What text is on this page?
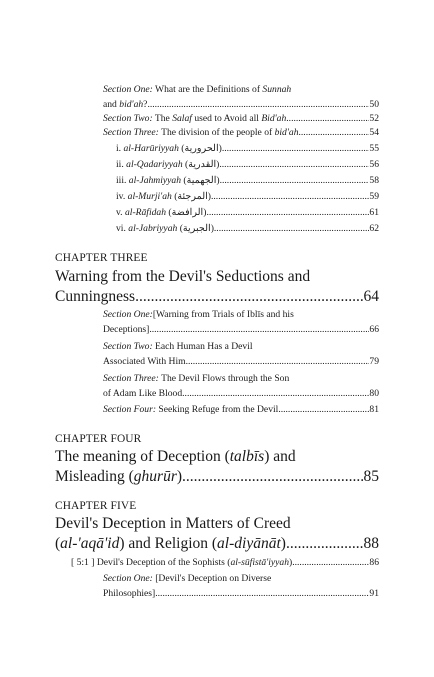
Section One: What are the Definitions of Sunnah
and bid'ah? .....	50
Section Two: The Salaf used to Avoid all Bid'ah .....	52
Section Three: The division of the people of bid'ah .....	54
i. al-Harūriyyah (الحرورية) .....	55
ii. al-Qadariyyah (القدرية) .....	56
iii. al-Jahmiyyah (الجهمية) .....	58
iv. al-Murji'ah (المرجئة) .....	59
v. al-Rāfidah (الرافضة) .....	61
vi. al-Jabriyyah (الجبرية) .....	62
CHAPTER THREE
Warning from the Devil's Seductions and
Cunningness .....	64
Section One:[Warning from Trials of Iblīs and his
Deceptions] .....	66
Section Two: Each Human Has a Devil
Associated With Him .....	79
Section Three: The Devil Flows through the Son
of Adam Like Blood .....	80
Section Four: Seeking Refuge from the Devil .....	81
CHAPTER FOUR
The meaning of Deception (talbīs) and
Misleading (ghurūr) .....	85
CHAPTER FIVE
Devil's Deception in Matters of Creed
(al-'aqā'id) and Religion (al-diyānāt) .....	88
[ 5:1 ] Devil's Deception of the Sophists (al-sūfistā'iyyah) .....	86
Section One: [Devil's Deception on Diverse
Philosophies] .....	91
